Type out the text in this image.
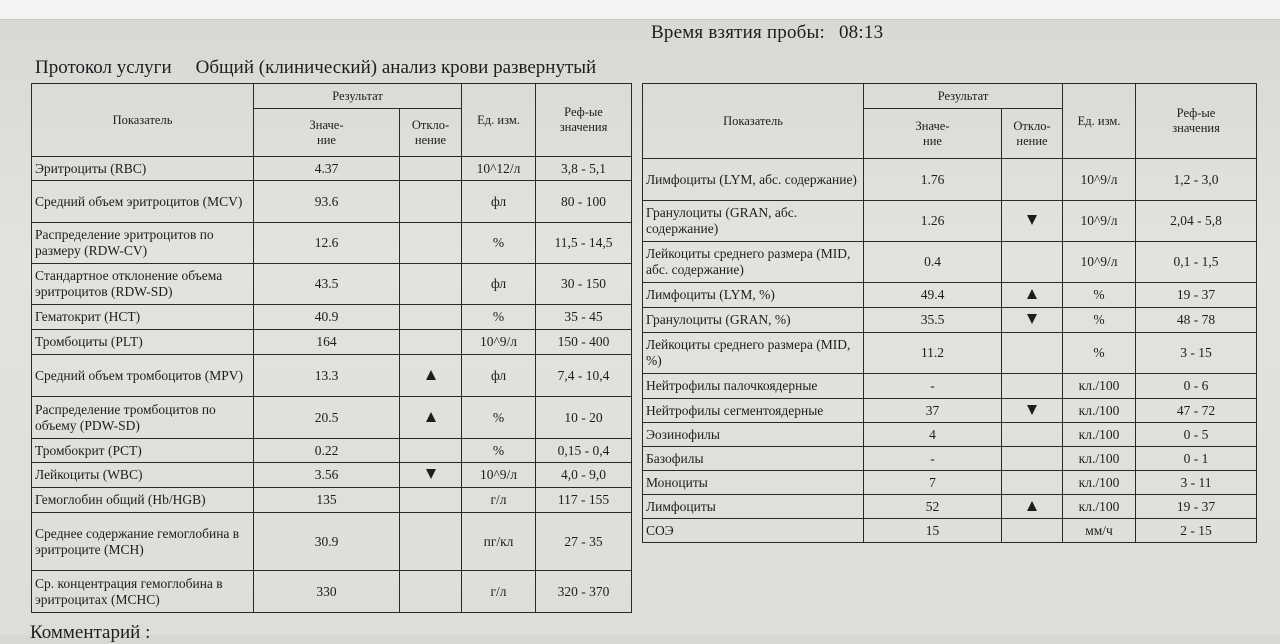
Время взятия пробы: 08:13
Протокол услуги Общий (клинический) анализ крови развернутый
Показатель	Результат		Ед. изм.	Реф-ые
значения
	Значе-
ние	Откло-
нение		
Эритроциты (RBC)	4.37		10^12/л	3,8 - 5,1
Средний объем эритроцитов (MCV)	93.6		фл	80 - 100
Распределение эритроцитов по размеру (RDW-CV)	12.6		%	11,5 - 14,5
Стандартное отклонение объема эритроцитов (RDW-SD)	43.5		фл	30 - 150
Гематокрит (HCT)	40.9		%	35 - 45
Тромбоциты (PLT)	164		10^9/л	150 - 400
Средний объем тромбоцитов (MPV)	13.3		фл	7,4 - 10,4
Распределение тромбоцитов по объему (PDW-SD)	20.5		%	10 - 20
Тромбокрит (PCT)	0.22		%	0,15 - 0,4
Лейкоциты (WBC)	3.56		10^9/л	4,0 - 9,0
Гемоглобин общий (Hb/HGB)	135		г/л	117 - 155
Среднее содержание гемоглобина в эритроците (MCH)	30.9		пг/кл	27 - 35
Ср. концентрация гемоглобина в эритроцитах (MCHC)	330		г/л	320 - 370
Показатель	Результат		Ед. изм.	Реф-ые
значения
	Значе-
ние	Откло-
нение		
Лимфоциты (LYM, абс. содержание)	1.76		10^9/л	1,2 - 3,0
Гранулоциты (GRAN, абс. содержание)	1.26		10^9/л	2,04 - 5,8
Лейкоциты среднего размера (MID, абс. содержание)	0.4		10^9/л	0,1 - 1,5
Лимфоциты (LYM, %)	49.4		%	19 - 37
Гранулоциты (GRAN, %)	35.5		%	48 - 78
Лейкоциты среднего размера (MID, %)	11.2		%	3 - 15
Нейтрофилы палочкоядерные	-		кл./100	0 - 6
Нейтрофилы сегментоядерные	37		кл./100	47 - 72
Эозинофилы	4		кл./100	0 - 5
Базофилы	-		кл./100	0 - 1
Моноциты	7		кл./100	3 - 11
Лимфоциты	52		кл./100	19 - 37
СОЭ	15		мм/ч	2 - 15
Комментарий :
